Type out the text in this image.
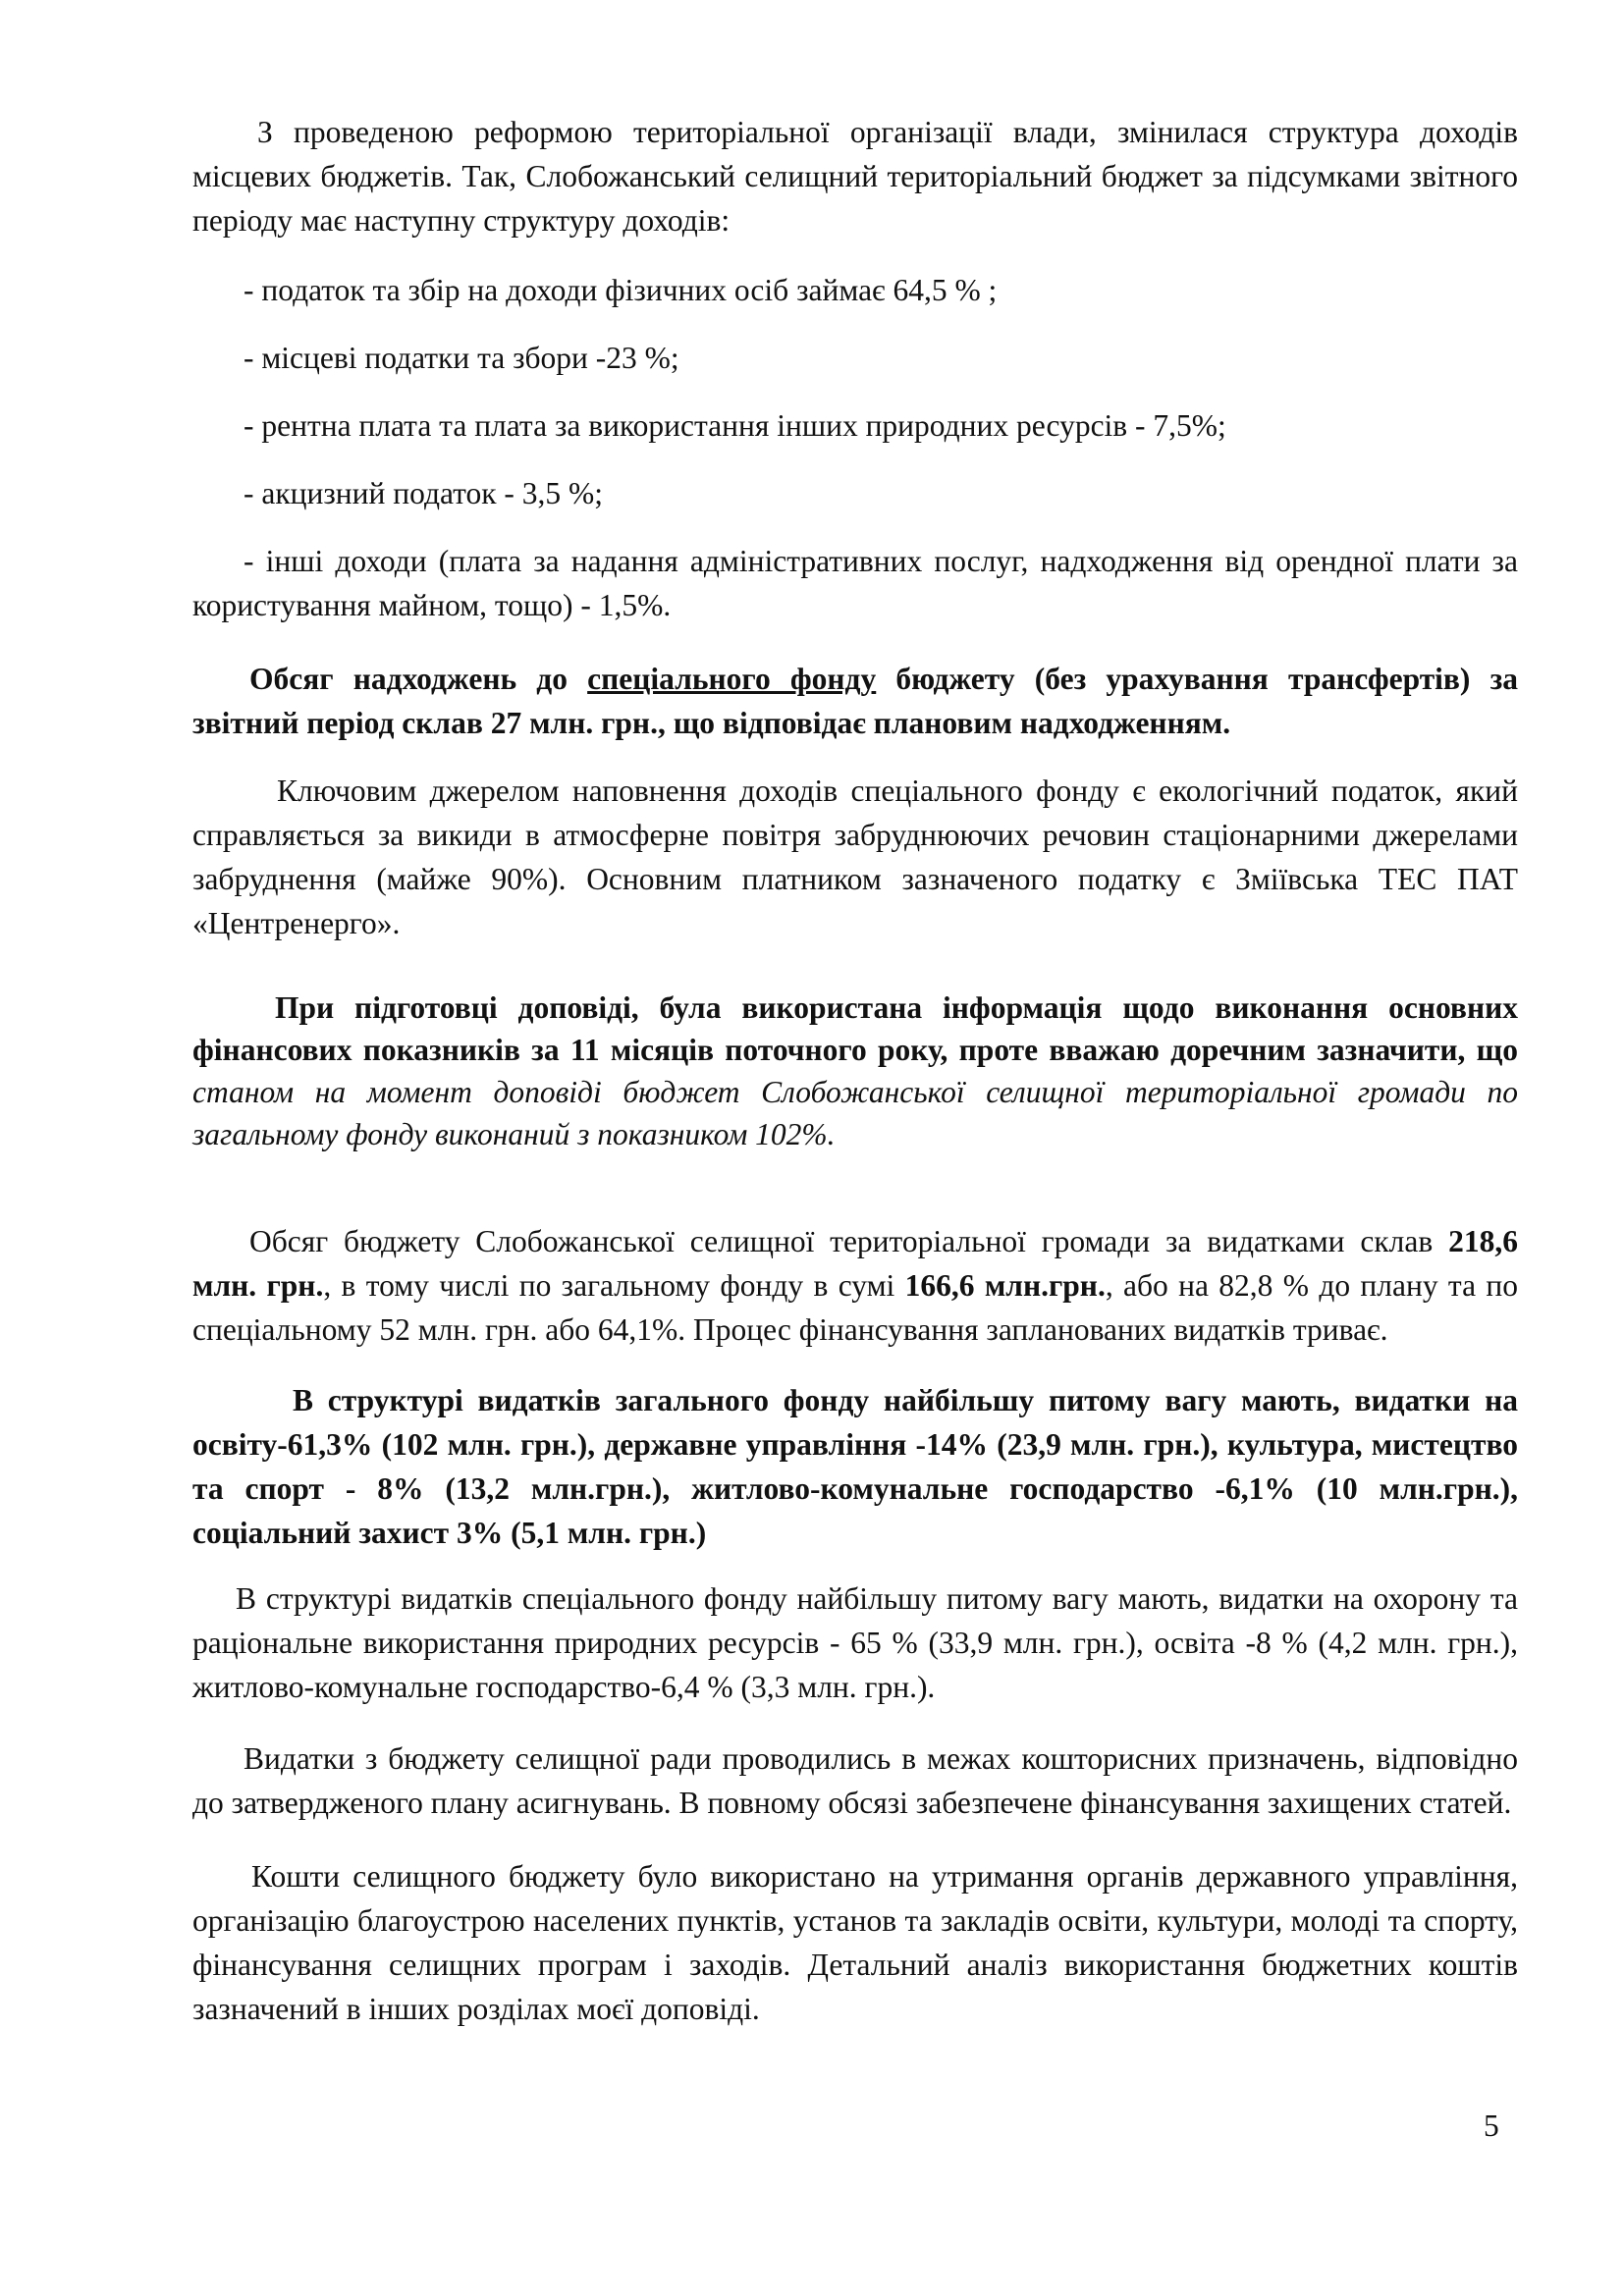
З проведеною реформою територіальної організації влади, змінилася структура доходів місцевих бюджетів. Так, Слобожанський селищний територіальний бюджет за підсумками звітного періоду має наступну структуру доходів:

- податок та збір на доходи фізичних осіб займає 64,5 % ;

- місцеві податки та збори -23 %;

- рентна плата та плата за використання інших природних ресурсів - 7,5%;

- акцизний податок - 3,5 %;

- інші доходи (плата за надання адміністративних послуг, надходження від орендної плати за користування майном, тощо) - 1,5%.

Обсяг надходжень до спеціального фонду бюджету (без урахування трансфертів) за звітний період склав 27 млн. грн., що відповідає плановим надходженням.

Ключовим джерелом наповнення доходів спеціального фонду є екологічний податок, який справляється за викиди в атмосферне повітря забруднюючих речовин стаціонарними джерелами забруднення (майже 90%). Основним платником зазначеного податку є Зміївська ТЕС ПАТ «Центренерго».

При підготовці доповіді, була використана інформація щодо виконання основних фінансових показників за 11 місяців поточного року, проте вважаю доречним зазначити, що станом на момент доповіді бюджет Слобожанської селищної територіальної громади по загальному фонду виконаний з показником 102%.

Обсяг бюджету Слобожанської селищної територіальної громади за видатками склав 218,6 млн. грн., в тому числі по загальному фонду в сумі 166,6 млн.грн., або на 82,8 % до плану та по спеціальному 52 млн. грн. або 64,1%. Процес фінансування запланованих видатків триває.

В структурі видатків загального фонду найбільшу питому вагу мають, видатки на освіту-61,3% (102 млн. грн.), державне управління -14% (23,9 млн. грн.), культура, мистецтво та спорт - 8% (13,2 млн.грн.), житлово-комунальне господарство -6,1% (10 млн.грн.), соціальний захист 3% (5,1 млн. грн.)

В структурі видатків спеціального фонду найбільшу питому вагу мають, видатки на охорону та раціональне використання природних ресурсів - 65 % (33,9 млн. грн.), освіта -8 % (4,2 млн. грн.), житлово-комунальне господарство-6,4 % (3,3 млн. грн.).

Видатки з бюджету селищної ради проводились в межах кошторисних призначень, відповідно до затвердженого плану асигнувань. В повному обсязі забезпечене фінансування захищених статей.

Кошти селищного бюджету було використано на утримання органів державного управління, організацію благоустрою населених пунктів, установ та закладів освіти, культури, молоді та спорту, фінансування селищних програм і заходів. Детальний аналіз використання бюджетних коштів зазначений в інших розділах моєї доповіді.

5
